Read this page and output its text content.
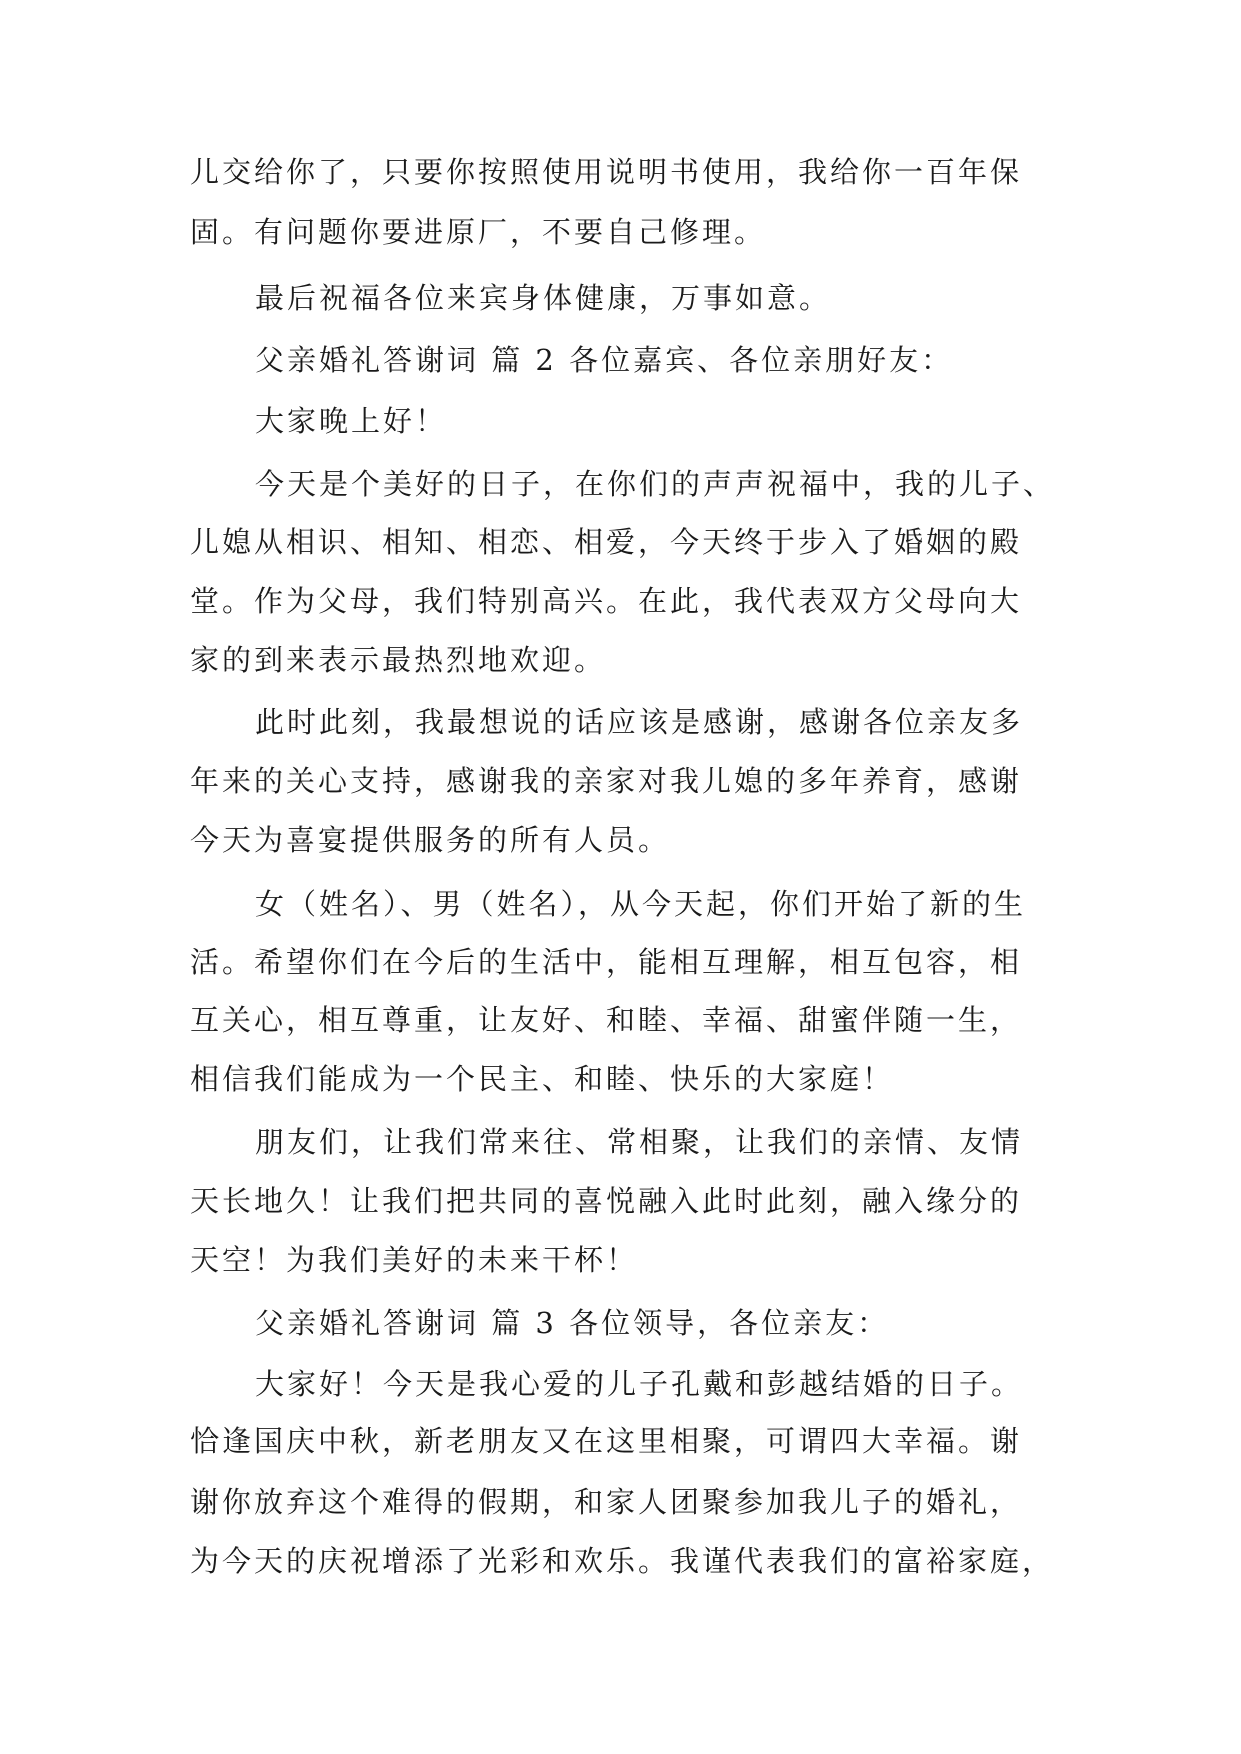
儿交给你了，只要你按照使用说明书使用，我给你一百年保
固。有问题你要进原厂，不要自己修理。
最后祝福各位来宾身体健康，万事如意。
父亲婚礼答谢词 篇 2 各位嘉宾、各位亲朋好友：
大家晚上好！
今天是个美好的日子，在你们的声声祝福中，我的儿子、
儿媳从相识、相知、相恋、相爱，今天终于步入了婚姻的殿
堂。作为父母，我们特别高兴。在此，我代表双方父母向大
家的到来表示最热烈地欢迎。
此时此刻，我最想说的话应该是感谢，感谢各位亲友多
年来的关心支持，感谢我的亲家对我儿媳的多年养育，感谢
今天为喜宴提供服务的所有人员。
女（姓名）、男（姓名），从今天起，你们开始了新的生
活。希望你们在今后的生活中，能相互理解，相互包容，相
互关心，相互尊重，让友好、和睦、幸福、甜蜜伴随一生，
相信我们能成为一个民主、和睦、快乐的大家庭！
朋友们，让我们常来往、常相聚，让我们的亲情、友情
天长地久！让我们把共同的喜悦融入此时此刻，融入缘分的
天空！为我们美好的未来干杯！
父亲婚礼答谢词 篇 3 各位领导，各位亲友：
大家好！今天是我心爱的儿子孔戴和彭越结婚的日子。
恰逢国庆中秋，新老朋友又在这里相聚，可谓四大幸福。谢
谢你放弃这个难得的假期，和家人团聚参加我儿子的婚礼，
为今天的庆祝增添了光彩和欢乐。我谨代表我们的富裕家庭，
